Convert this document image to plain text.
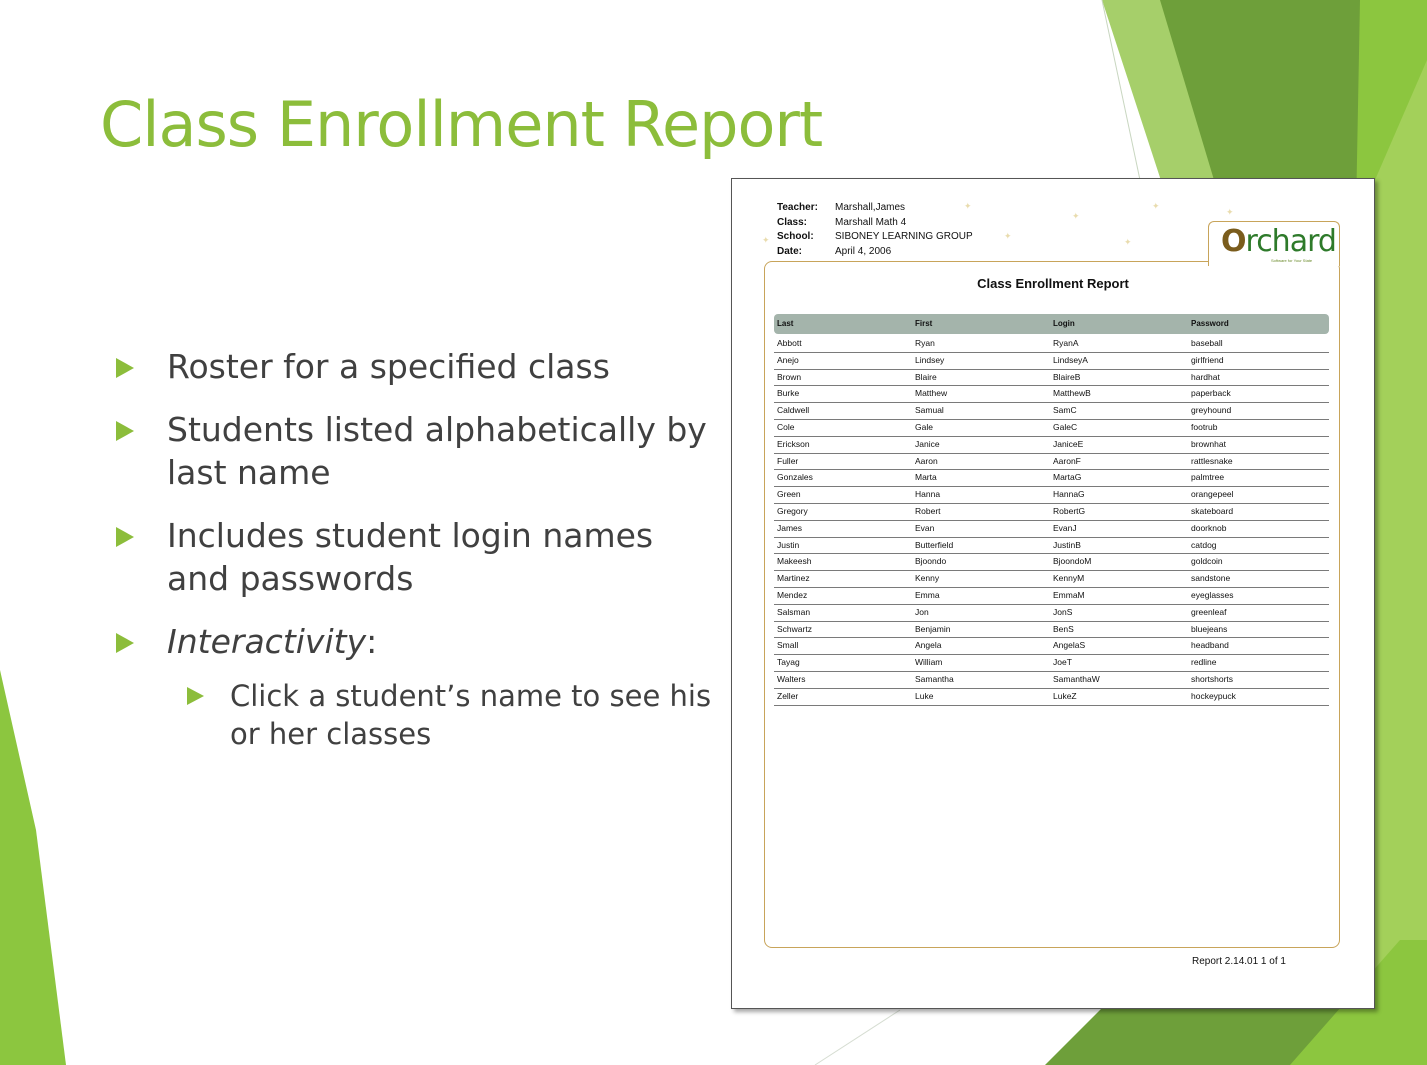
Class Enrollment Report
Roster for a specified class
Students listed alphabetically by last name
Includes student login names and passwords
Interactivity:
Click a student’s name to see his or her classes
✦
✦
✦
✦
✦
✦
✦
Teacher:	Marshall,James
Class:	Marshall Math 4
School:	SIBONEY LEARNING GROUP
Date:	April 4, 2006	Orchard
Software for Your State
Class Enrollment Report
Last	First	Login	Password
Abbott	Ryan	RyanA	baseball
Anejo	Lindsey	LindseyA	girlfriend
Brown	Blaire	BlaireB	hardhat
Burke	Matthew	MatthewB	paperback
Caldwell	Samual	SamC	greyhound
Cole	Gale	GaleC	footrub
Erickson	Janice	JaniceE	brownhat
Fuller	Aaron	AaronF	rattlesnake
Gonzales	Marta	MartaG	palmtree
Green	Hanna	HannaG	orangepeel
Gregory	Robert	RobertG	skateboard
James	Evan	EvanJ	doorknob
Justin	Butterfield	JustinB	catdog
Makeesh	Bjoondo	BjoondoM	goldcoin
Martinez	Kenny	KennyM	sandstone
Mendez	Emma	EmmaM	eyeglasses
Salsman	Jon	JonS	greenleaf
Schwartz	Benjamin	BenS	bluejeans
Small	Angela	AngelaS	headband
Tayag	William	JoeT	redline
Walters	Samantha	SamanthaW	shortshorts
Zeller	Luke	LukeZ	hockeypuck
Report 2.14.01 1 of 1
